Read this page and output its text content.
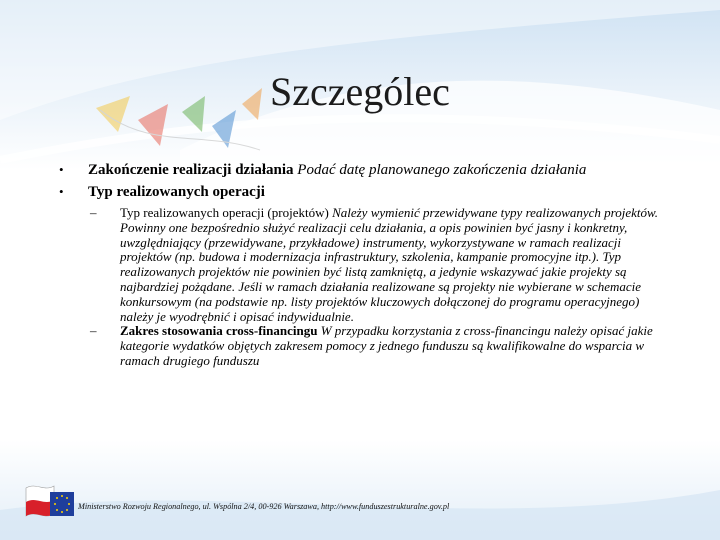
Szczególec
• Zakończenie realizacji działania Podać datę planowanego zakończenia działania
• Typ realizowanych operacji
– Typ realizowanych operacji (projektów) Należy wymienić przewidywane typy realizowanych projektów. Powinny one bezpośrednio służyć realizacji celu działania, a opis powinien być jasny i konkretny, uwzględniający (przewidywane, przykładowe) instrumenty, wykorzystywane w ramach realizacji projektów (np. budowa i modernizacja infrastruktury, szkolenia, kampanie promocyjne itp.). Typ realizowanych projektów nie powinien być listą zamkniętą, a jedynie wskazywać jakie projekty są najbardziej pożądane. Jeśli w ramach działania realizowane są projekty nie wybierane w schemacie konkursowym (na podstawie np. listy projektów kluczowych dołączonej do programu operacyjnego) należy je wyodrębnić i opisać indywidualnie.
– Zakres stosowania cross-financingu W przypadku korzystania z cross-financingu należy opisać jakie kategorie wydatków objętych zakresem pomocy z jednego funduszu są kwalifikowalne do wsparcia w ramach drugiego funduszu
Ministerstwo Rozwoju Regionalnego, ul. Wspólna 2/4, 00-926 Warszawa, http://www.funduszestrukturalne.gov.pl
